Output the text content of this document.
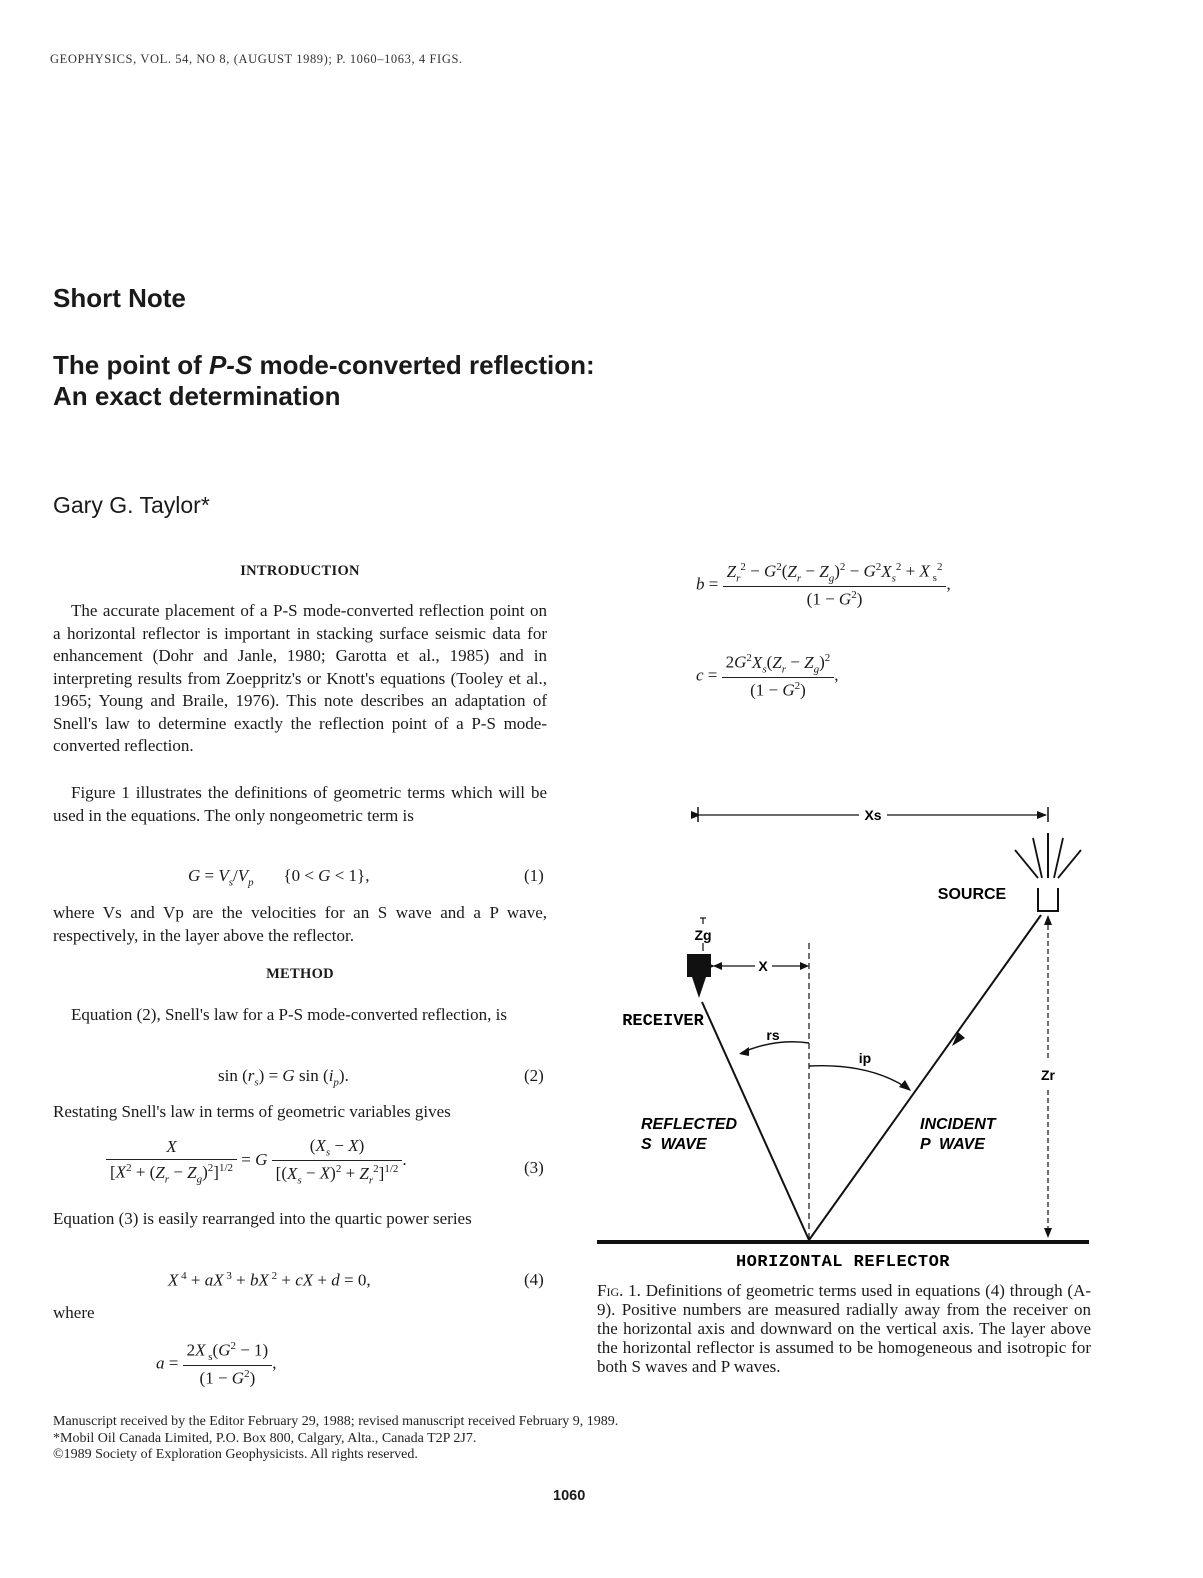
GEOPHYSICS, VOL. 54, NO 8, (AUGUST 1989); P. 1060–1063, 4 FIGS.
Short Note
The point of P-S mode-converted reflection:
An exact determination
Gary G. Taylor*
INTRODUCTION

The accurate placement of a P-S mode-converted reflection point on a horizontal reflector is important in stacking surface seismic data for enhancement (Dohr and Janle, 1980; Garotta et al., 1985) and in interpreting results from Zoeppritz's or Knott's equations (Tooley et al., 1965; Young and Braile, 1976). This note describes an adaptation of Snell's law to determine exactly the reflection point of a P-S mode-converted reflection.

Figure 1 illustrates the definitions of geometric terms which will be used in the equations. The only nongeometric term is

$G = V_s/V_p$       {0 < G < 1},	(1)

where Vs and Vp are the velocities for an S wave and a P wave, respectively, in the layer above the reflector.

METHOD

Equation (2), Snell's law for a P-S mode-converted reflection, is

$\sin (r_s) = G$ $\sin (i_p)$.	(2)

Restating Snell's law in terms of geometric variables gives

$\frac{X}{[X^2 + (Z_r - Z_g)^2]^{1/2}} = G \frac{(X_s - X)}{[(X_s - X)^2 + Z_r^2]^{1/2}}$ .	(3)

Equation (3) is easily rearranged into the quartic power series

X $^4$ + aX $^3$ + bX $^2$ + cX + d = 0,	(4)
where
$a = \frac{2X _s(G^2 - 1)}{(1 - G^2)}$ ,
$b = \frac{Z_r^2 - G^2(Z_r - Z_g)^2 - G^2X_s^2 + X _s^2}{(1 - G^2)}$ ,
$c = \frac{2G^2X_s(Z_r - Z_g)^2}{(1 - G^2)}$ ,
Xs
SOURCE
Zg
X
RECEIVER
rs
ip
Zr
REFLECTED
S  WAVE
INCIDENT
P  WAVE
HORIZONTAL REFLECTOR
Fig. 1. Definitions of geometric terms used in equations (4) through (A-9). Positive numbers are measured radially away from the receiver on the horizontal axis and downward on the vertical axis. The layer above the horizontal reflector is assumed to be homogeneous and isotropic for both S waves and P waves.
Manuscript received by the Editor February 29, 1988; revised manuscript received February 9, 1989.
*Mobil Oil Canada Limited, P.O. Box 800, Calgary, Alta., Canada T2P 2J7.
©1989 Society of Exploration Geophysicists. All rights reserved.
1060
